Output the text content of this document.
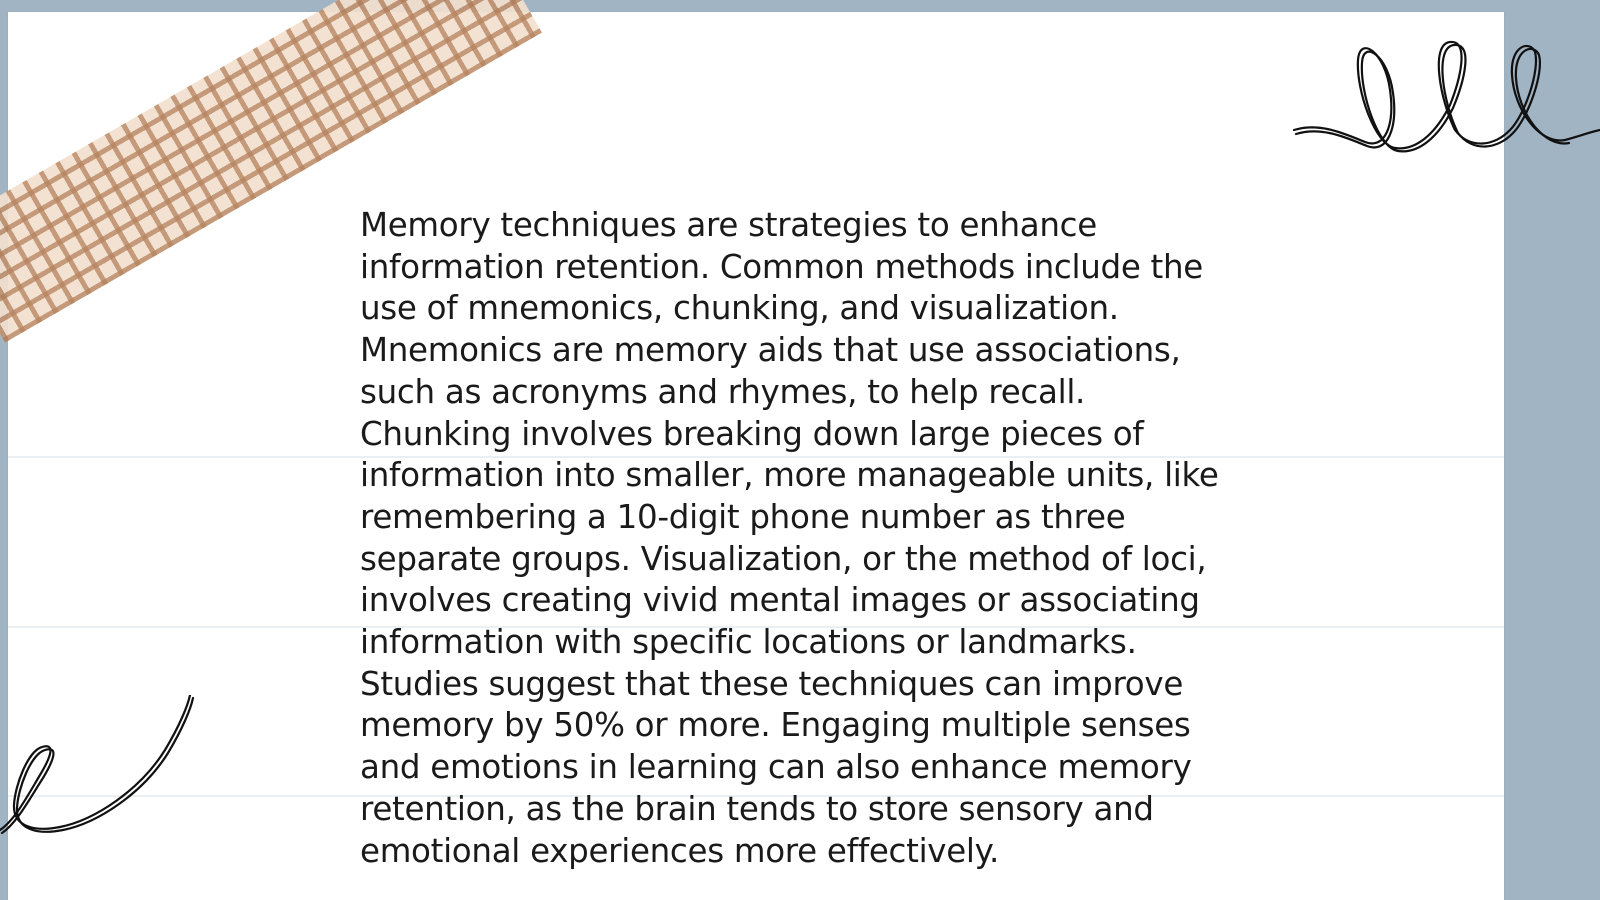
Memory techniques are strategies to enhance information retention. Common methods include the use of mnemonics, chunking, and visualization. Mnemonics are memory aids that use associations, such as acronyms and rhymes, to help recall. Chunking involves breaking down large pieces of information into smaller, more manageable units, like remembering a 10-digit phone number as three separate groups. Visualization, or the method of loci, involves creating vivid mental images or associating information with specific locations or landmarks. Studies suggest that these techniques can improve memory by 50% or more. Engaging multiple senses and emotions in learning can also enhance memory retention, as the brain tends to store sensory and emotional experiences more effectively.
